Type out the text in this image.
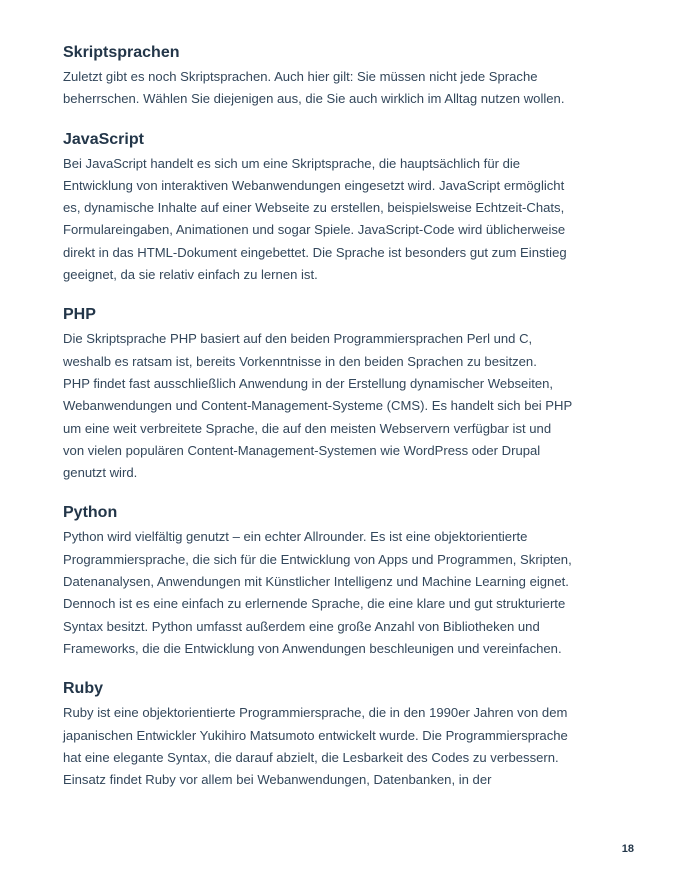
Skriptsprachen

Zuletzt gibt es noch Skriptsprachen. Auch hier gilt: Sie müssen nicht jede Sprache
beherrschen. Wählen Sie diejenigen aus, die Sie auch wirklich im Alltag nutzen wollen.

JavaScript

Bei JavaScript handelt es sich um eine Skriptsprache, die hauptsächlich für die
Entwicklung von interaktiven Webanwendungen eingesetzt wird. JavaScript ermöglicht
es, dynamische Inhalte auf einer Webseite zu erstellen, beispielsweise Echtzeit-Chats,
Formulareingaben, Animationen und sogar Spiele. JavaScript-Code wird üblicherweise
direkt in das HTML-Dokument eingebettet. Die Sprache ist besonders gut zum Einstieg
geeignet, da sie relativ einfach zu lernen ist.

PHP

Die Skriptsprache PHP basiert auf den beiden Programmiersprachen Perl und C,
weshalb es ratsam ist, bereits Vorkenntnisse in den beiden Sprachen zu besitzen.
PHP findet fast ausschließlich Anwendung in der Erstellung dynamischer Webseiten,
Webanwendungen und Content-Management-Systeme (CMS). Es handelt sich bei PHP
um eine weit verbreitete Sprache, die auf den meisten Webservern verfügbar ist und
von vielen populären Content-Management-Systemen wie WordPress oder Drupal
genutzt wird.

Python

Python wird vielfältig genutzt – ein echter Allrounder. Es ist eine objektorientierte
Programmiersprache, die sich für die Entwicklung von Apps und Programmen, Skripten,
Datenanalysen, Anwendungen mit Künstlicher Intelligenz und Machine Learning eignet.
Dennoch ist es eine einfach zu erlernende Sprache, die eine klare und gut strukturierte
Syntax besitzt. Python umfasst außerdem eine große Anzahl von Bibliotheken und
Frameworks, die die Entwicklung von Anwendungen beschleunigen und vereinfachen.

Ruby

Ruby ist eine objektorientierte Programmiersprache, die in den 1990er Jahren von dem
japanischen Entwickler Yukihiro Matsumoto entwickelt wurde. Die Programmiersprache
hat eine elegante Syntax, die darauf abzielt, die Lesbarkeit des Codes zu verbessern.
Einsatz findet Ruby vor allem bei Webanwendungen, Datenbanken, in der

18
